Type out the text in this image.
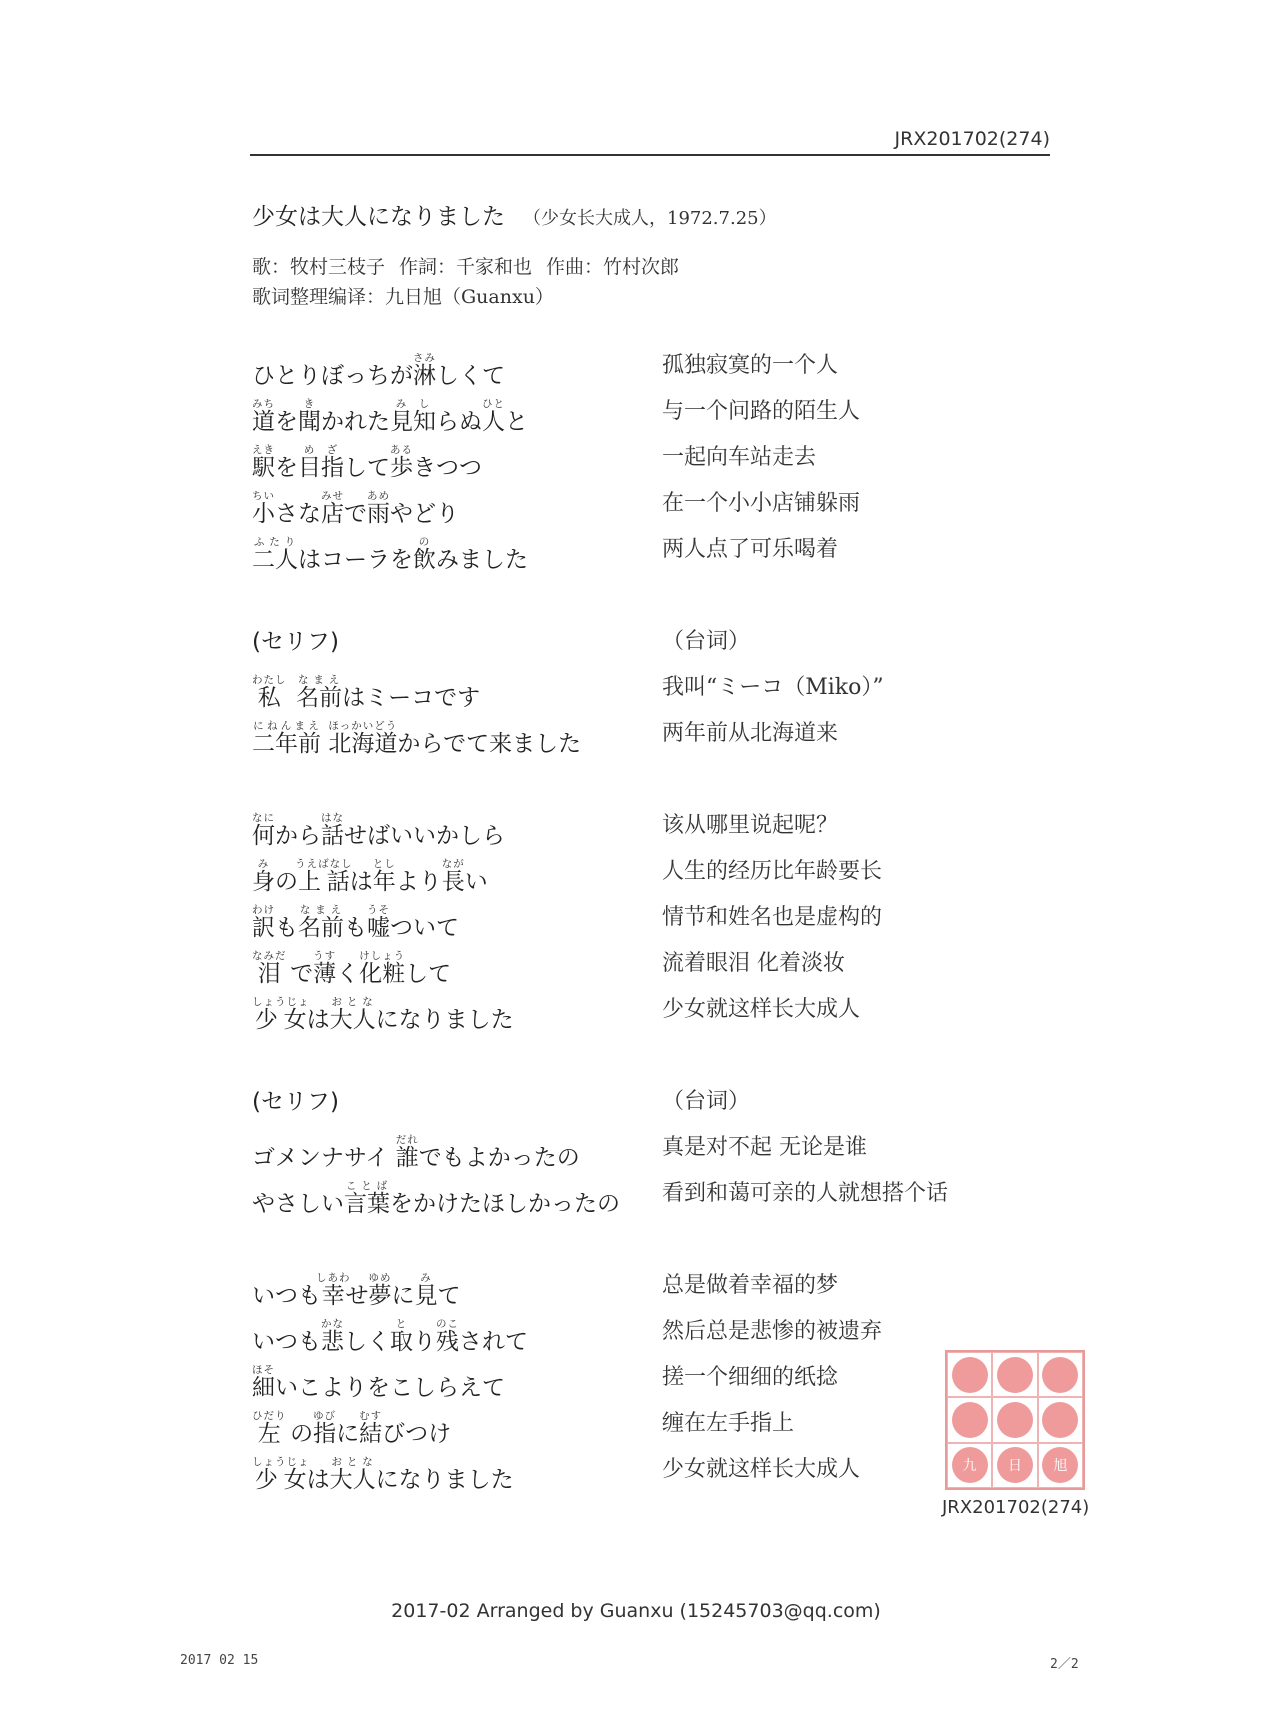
JRX201702(274)
少女は大人になりました （少女长大成人，1972.7.25）
歌：牧村三枝子 作詞：千家和也 作曲：竹村次郎
歌词整理编译：九日旭（Guanxu）
ひとりぼっちが淋さみしくて	孤独寂寞的一个人
道みちを聞きかれた見知みしらぬ人ひとと	与一个问路的陌生人
駅えきを目指めざして歩あるきつつ	一起向车站走去
小ちいさな店みせで雨あめやどり	在一个小小店铺躲雨
二人ふたりはコーラを飲のみました	两人点了可乐喝着
(セリフ)	（台词）
私わたし  名前なまえはミーコです	我叫“ミーコ（Miko）”
二年前にねんまえ 北海道ほっかいどうからでて来ました	两年前从北海道来
何なにから話はなせばいいかしら	该从哪里说起呢？
身みの上話うえばなしは年としより長ながい	人生的经历比年龄要长
訳わけも名前なまえも嘘うそついて	情节和姓名也是虚构的
泪なみだ で薄うすく化粧けしょうして	流着眼泪 化着淡妆
少女しょうじょは大人おとなになりました	少女就这样长大成人
(セリフ)	（台词）
ゴメンナサイ 誰だれでもよかったの	真是对不起 无论是谁
やさしい言葉ことばをかけたほしかったの 看到和蔼可亲的人就想搭个话
いつも幸しあわせ夢ゆめに見みて	总是做着幸福的梦
いつも悲かなしく取とり残のこされて	然后总是悲惨的被遗弃
細ほそいこよりをこしらえて	搓一个细细的纸捻
左ひだり の指ゆびに結むすびつけ	缠在左手指上
少女しょうじょは大人おとなになりました	少女就这样长大成人	九 日 旭
JRX201702(274)
2017-02 Arranged by Guanxu (15245703@qq.com)
2017 02 15	2／2
